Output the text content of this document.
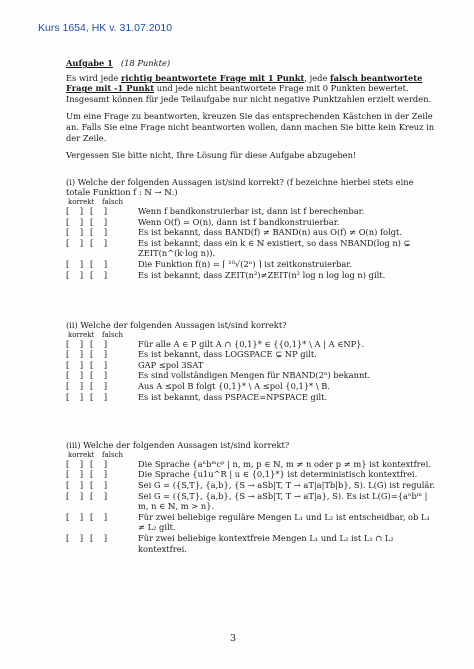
Kurs 1654, HK v. 31.07.2010

Aufgabe 1 (18 Punkte)

Es wird jede richtig beantwortete Frage mit 1 Punkt, jede falsch beantwortete Frage mit -1 Punkt und jede nicht beantwortete Frage mit 0 Punkten bewertet. Insgesamt können für jede Teilaufgabe nur nicht negative Punktzahlen erzielt werden.

Um eine Frage zu beantworten, kreuzen Sie das entsprechenden Kästchen in der Zeile an. Falls Sie eine Frage nicht beantworten wollen, dann machen Sie bitte kein Kreuz in der Zeile.

Vergessen Sie bitte nicht, Ihre Lösung für diese Aufgabe abzugeben!

(i) Welche der folgenden Aussagen ist/sind korrekt? (f bezeichne hierbei stets eine totale Funktion f : ℕ → ℕ.)
korrekt falsch
[ ] [ ]	Wenn f bandkonstruierbar ist, dann ist f berechenbar.
[ ] [ ]	Wenn O(f) = O(n), dann ist f bandkonstruierbar.
[ ] [ ]	Es ist bekannt, dass BAND(f) ≠ BAND(n) aus O(f) ≠ O(n) folgt.
[ ] [ ]	Es ist bekannt, dass ein k ∈ ℕ existiert, so dass NBAND(log n) ⊊ ZEIT(n^(k·log n)).
[ ] [ ]	Die Funktion f(n) = ⌈ ¹⁰√(2ⁿ) ⌉ ist zeitkonstruierbar.
[ ] [ ]	Es ist bekannt, dass ZEIT(n²)≠ZEIT(n² log n log log n) gilt.
(ii) Welche der folgenden Aussagen ist/sind korrekt?
korrekt falsch
[ ] [ ]	Für alle A ∈ P gilt A ∩ {0,1}* ∈ {{0,1}* \ A | A ∈NP}.
[ ] [ ]	Es ist bekannt, dass LOGSPACE ⊊ NP gilt.
[ ] [ ]	GAP ≤pol 3SAT
[ ] [ ]	Es sind vollständigen Mengen für NBAND(2ⁿ) bekannt.
[ ] [ ]	Aus A ≤pol B folgt {0,1}* \ A ≤pol {0,1}* \ B.
[ ] [ ]	Es ist bekannt, dass PSPACE=NPSPACE gilt.
(iii) Welche der folgenden Aussagen ist/sind korrekt?
korrekt falsch
[ ] [ ]	Die Sprache {aⁿbᵐcᵖ | n, m, p ∈ ℕ, m ≠ n oder p ≠ m} ist kontextfrei.
[ ] [ ]	Die Sprache {u1u^R | u ∈ {0,1}*} ist deterministisch kontextfrei.
[ ] [ ]	Sei G = ({S,T}, {a,b}, {S → aSb|T, T → aT|a|Tb|b}, S). L(G) ist regulär.
[ ] [ ]	Sei G = ({S,T}, {a,b}, {S → aSb|T, T → aT|a}, S). Es ist L(G)={aⁿbᵐ | m, n ∈ ℕ, m > n}.
[ ] [ ]	Für zwei beliebige reguläre Mengen L₁ und L₂ ist entscheidbar, ob L₁ ≠ L₂ gilt.
[ ] [ ]	Für zwei beliebige kontextfreie Mengen L₁ und L₂ ist L₁ ∩ L₂ kontextfrei.
3
